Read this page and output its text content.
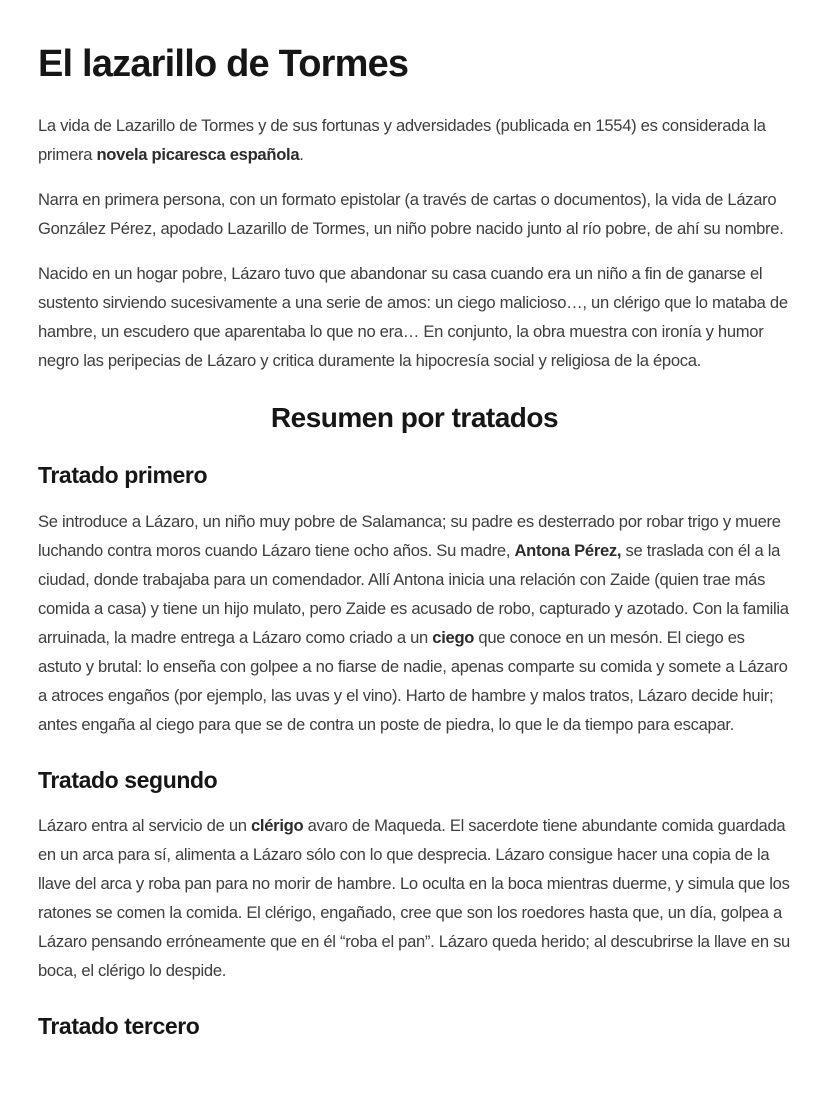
El lazarillo de Tormes

La vida de Lazarillo de Tormes y de sus fortunas y adversidades (publicada en 1554) es considerada la primera novela picaresca española.

Narra en primera persona, con un formato epistolar (a través de cartas o documentos), la vida de Lázaro González Pérez, apodado Lazarillo de Tormes, un niño pobre nacido junto al río pobre, de ahí su nombre.

Nacido en un hogar pobre, Lázaro tuvo que abandonar su casa cuando era un niño a fin de ganarse el sustento sirviendo sucesivamente a una serie de amos: un ciego malicioso…, un clérigo que lo mataba de hambre, un escudero que aparentaba lo que no era… En conjunto, la obra muestra con ironía y humor negro las peripecias de Lázaro y critica duramente la hipocresía social y religiosa de la época.

Resumen por tratados
Tratado primero

Se introduce a Lázaro, un niño muy pobre de Salamanca; su padre es desterrado por robar trigo y muere luchando contra moros cuando Lázaro tiene ocho años. Su madre, Antona Pérez, se traslada con él a la ciudad, donde trabajaba para un comendador. Allí Antona inicia una relación con Zaide (quien trae más comida a casa) y tiene un hijo mulato, pero Zaide es acusado de robo, capturado y azotado. Con la familia arruinada, la madre entrega a Lázaro como criado a un ciego que conoce en un mesón. El ciego es astuto y brutal: lo enseña con golpee a no fiarse de nadie, apenas comparte su comida y somete a Lázaro a atroces engaños (por ejemplo, las uvas y el vino). Harto de hambre y malos tratos, Lázaro decide huir; antes engaña al ciego para que se de contra un poste de piedra, lo que le da tiempo para escapar.

Tratado segundo

Lázaro entra al servicio de un clérigo avaro de Maqueda. El sacerdote tiene abundante comida guardada en un arca para sí, alimenta a Lázaro sólo con lo que desprecia. Lázaro consigue hacer una copia de la llave del arca y roba pan para no morir de hambre. Lo oculta en la boca mientras duerme, y simula que los ratones se comen la comida. El clérigo, engañado, cree que son los roedores hasta que, un día, golpea a Lázaro pensando erróneamente que en él “roba el pan”. Lázaro queda herido; al descubrirse la llave en su boca, el clérigo lo despide.

Tratado tercero
